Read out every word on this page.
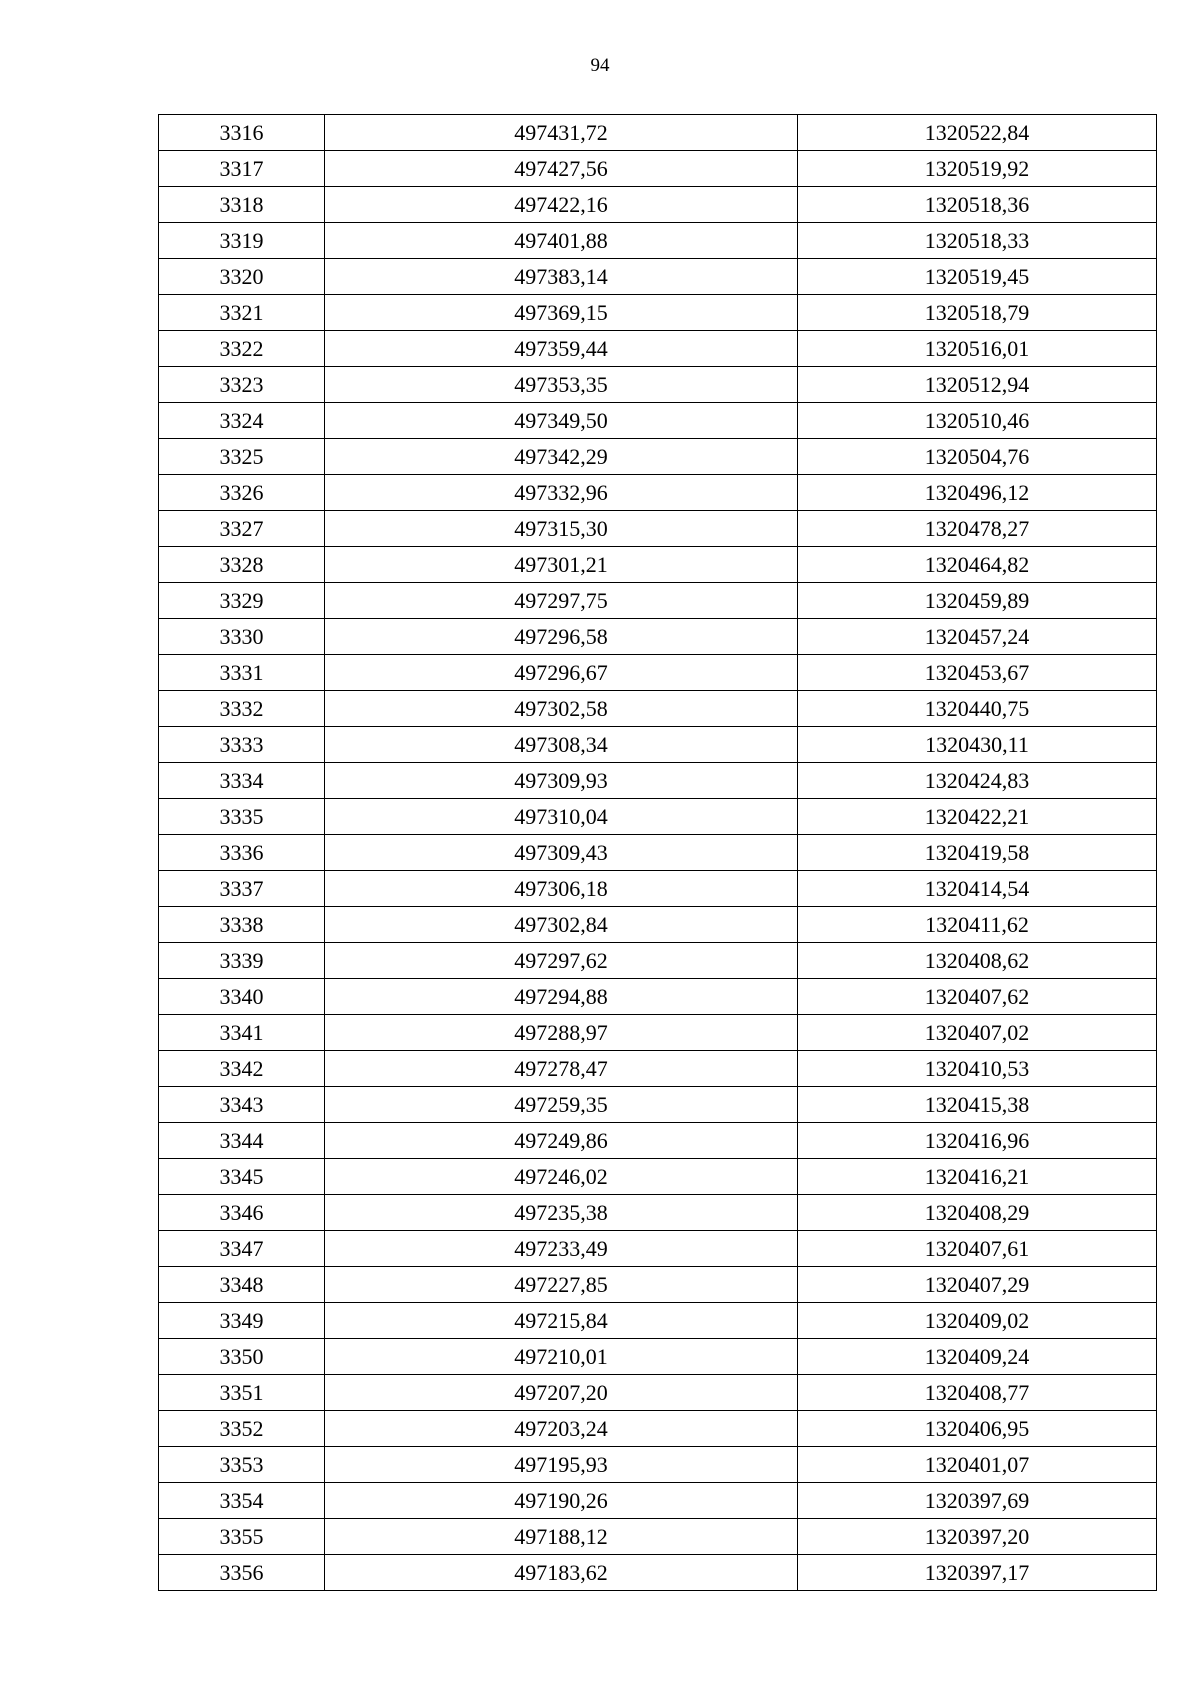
94
3316	497431,72	1320522,84
3317	497427,56	1320519,92
3318	497422,16	1320518,36
3319	497401,88	1320518,33
3320	497383,14	1320519,45
3321	497369,15	1320518,79
3322	497359,44	1320516,01
3323	497353,35	1320512,94
3324	497349,50	1320510,46
3325	497342,29	1320504,76
3326	497332,96	1320496,12
3327	497315,30	1320478,27
3328	497301,21	1320464,82
3329	497297,75	1320459,89
3330	497296,58	1320457,24
3331	497296,67	1320453,67
3332	497302,58	1320440,75
3333	497308,34	1320430,11
3334	497309,93	1320424,83
3335	497310,04	1320422,21
3336	497309,43	1320419,58
3337	497306,18	1320414,54
3338	497302,84	1320411,62
3339	497297,62	1320408,62
3340	497294,88	1320407,62
3341	497288,97	1320407,02
3342	497278,47	1320410,53
3343	497259,35	1320415,38
3344	497249,86	1320416,96
3345	497246,02	1320416,21
3346	497235,38	1320408,29
3347	497233,49	1320407,61
3348	497227,85	1320407,29
3349	497215,84	1320409,02
3350	497210,01	1320409,24
3351	497207,20	1320408,77
3352	497203,24	1320406,95
3353	497195,93	1320401,07
3354	497190,26	1320397,69
3355	497188,12	1320397,20
3356	497183,62	1320397,17
